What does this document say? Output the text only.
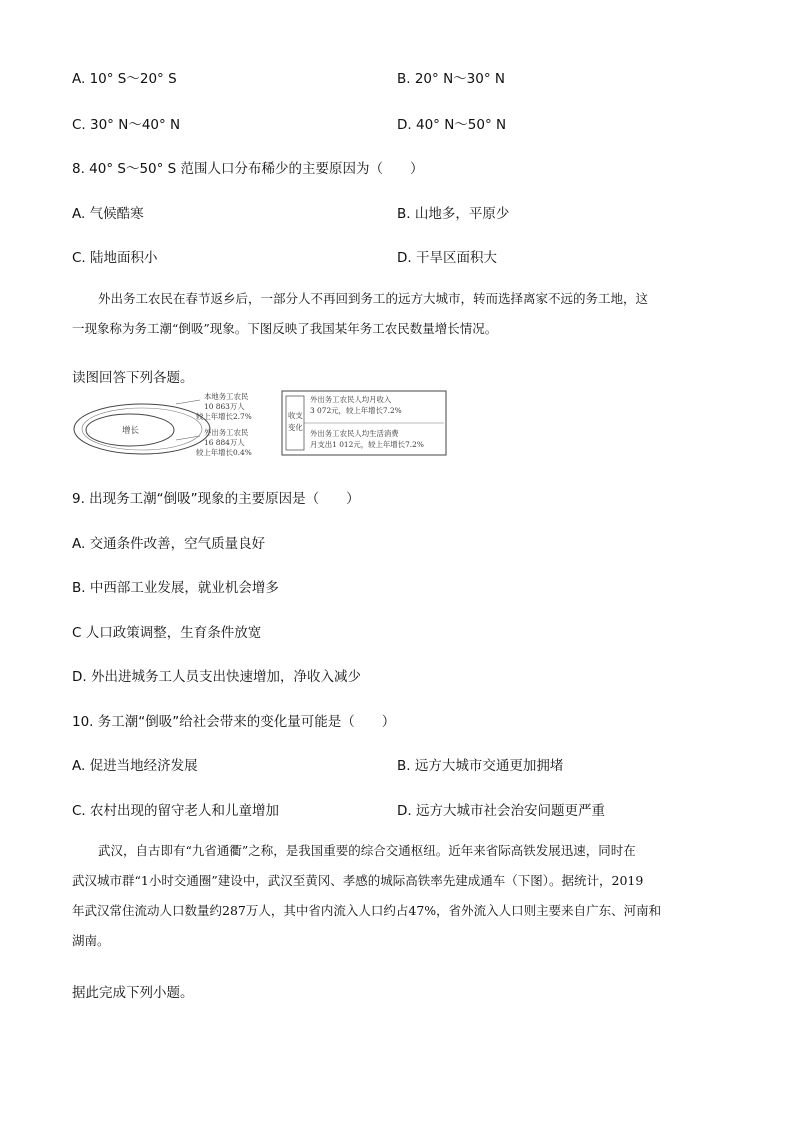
A. 10° S～20° S	B. 20° N～30° N
C. 30° N～40° N	D. 40° N～50° N
8. 40° S～50° S 范围人口分布稀少的主要原因为（　　）
A. 气候酷寒	B. 山地多，平原少
C. 陆地面积小	D. 干旱区面积大

外出务工农民在春节返乡后，一部分人不再回到务工的远方大城市，转而选择离家不远的务工地，这

一现象称为务工潮“倒吸”现象。下图反映了我国某年务工农民数量增长情况。

读图回答下列各题。
增长
本地务工农民
10 863万人
较上年增长2.7%
外出务工农民
16 884万人
较上年增长0.4%
收支
变化
外出务工农民人均月收入
3 072元，较上年增长7.2%
外出务工农民人均生活消费
月支出1 012元，较上年增长7.2%
9. 出现务工潮“倒吸”现象的主要原因是（　　）
A. 交通条件改善，空气质量良好
B. 中西部工业发展，就业机会增多
C 人口政策调整，生育条件放宽
D. 外出进城务工人员支出快速增加，净收入减少
10. 务工潮“倒吸”给社会带来的变化量可能是（　　）
A. 促进当地经济发展	B. 远方大城市交通更加拥堵
C. 农村出现的留守老人和儿童增加	D. 远方大城市社会治安问题更严重

武汉，自古即有“九省通衢”之称，是我国重要的综合交通枢纽。近年来省际高铁发展迅速，同时在

武汉城市群“1小时交通圈”建设中，武汉至黄冈、孝感的城际高铁率先建成通车（下图）。据统计，2019

年武汉常住流动人口数量约287万人，其中省内流入人口约占47%，省外流入人口则主要来自广东、河南和

湖南。

据此完成下列小题。
